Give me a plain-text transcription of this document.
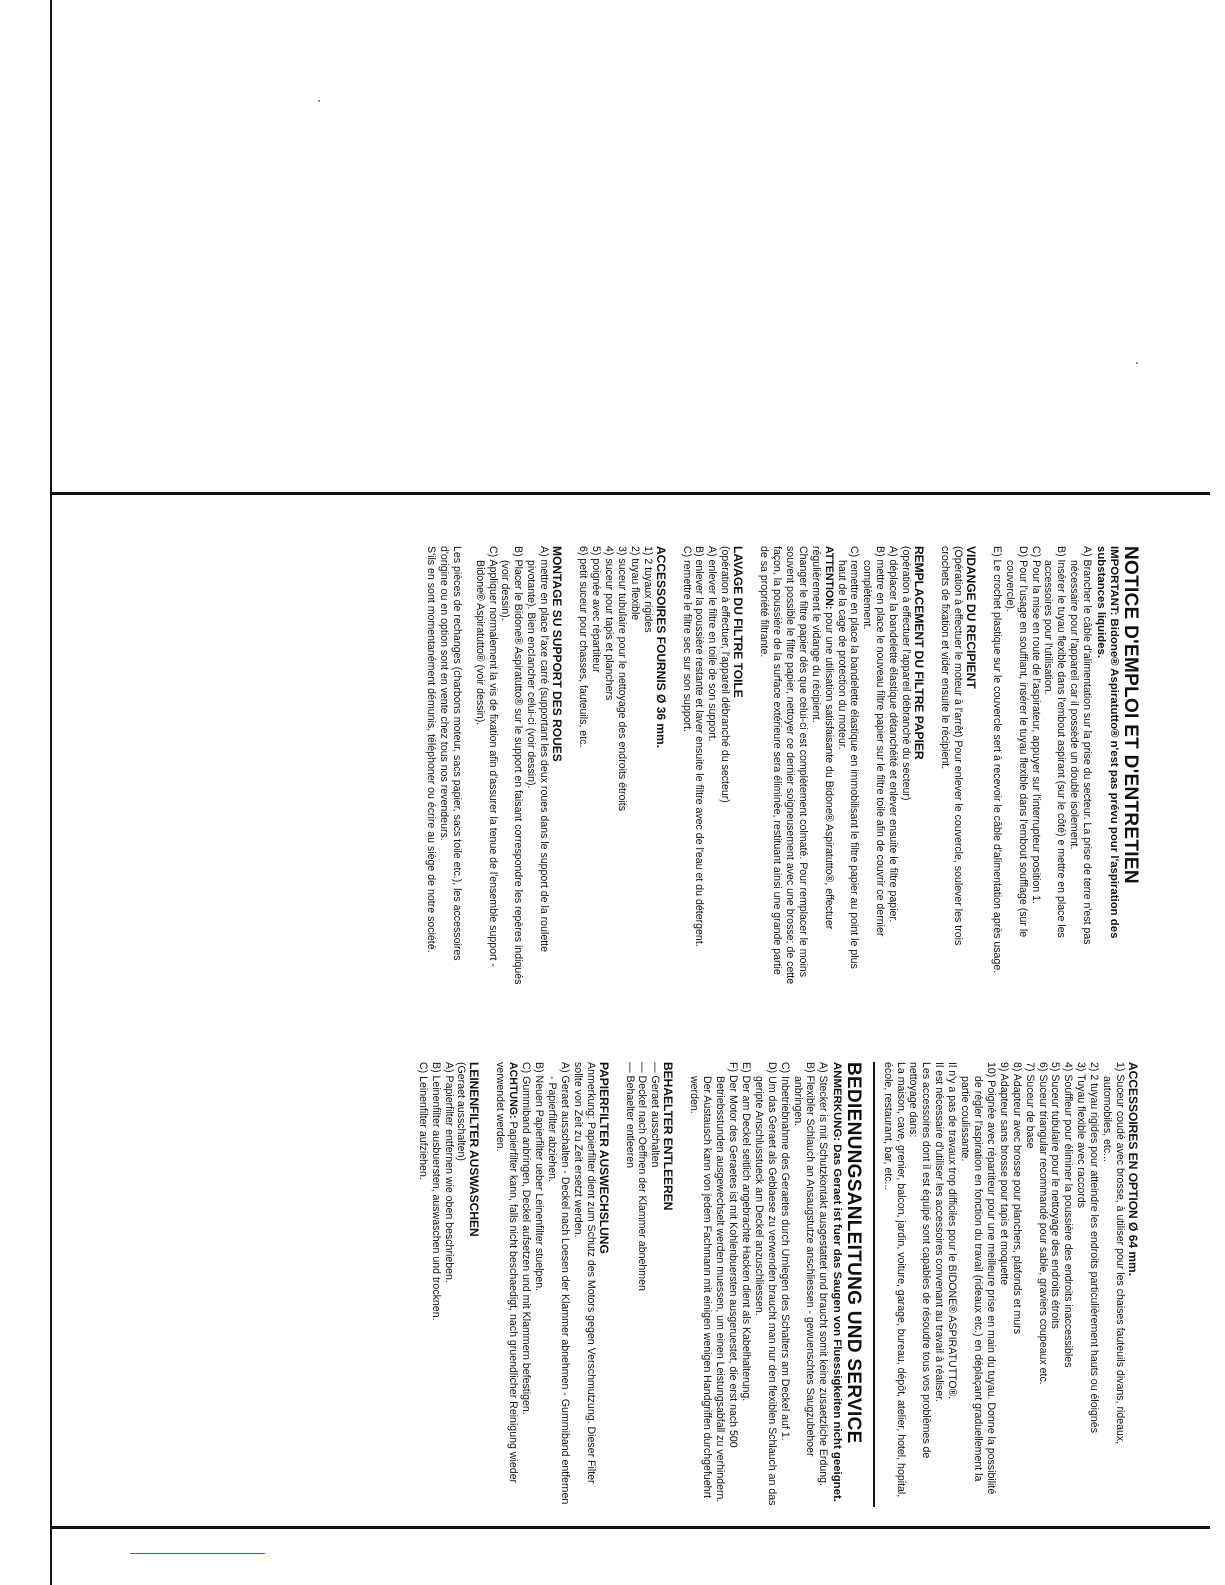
NOTICE D'EMPLOI ET D'ENTRETIEN

IMPORTANT: Bidone® Aspiratutto® n'est pas prévu pour l'aspiration des substances liquides.

A) Brancher le câble d'alimentation sur la prise du secteur. La prise de terre n'est pas nécessaire pour l'appareil car il possède un double isolement.

B) Insérer le tuyau flexible dans l'embout aspirant (sur le côté) e mettre en place les accessoires pour l'utilisation.

C) Pour la mise en route de l'aspirateur, appuyer sur l'interrupteur position 1.

D) Pour l'usage en souffiant, insérer le tuyau flexible dans l'embout soufflage (sur le couvercle).

E) Le crochet plastique sur le couvercle sert à recevoir le câble d'alimentation après usage.

VIDANGE DU RECIPIENT

(Opération à effectuer le moteur à l'arrêt) Pour enlever le couvercle, soulever les trois crochets de fixation et vider ensuite le récipient.

REMPLACEMENT DU FILTRE PAPIER

(opération à effectuer l'appareil débranché du secteur)

A) déplacer la bandelette élastique détanchéité et enlever ensuite le filtre papier.

B) mettre en place le nouveau filtre papier sur le filtre toile afin de couvrir ce dernier complètement.

C) remettre en place la bandelette élastique en immobilisant le filtre papier au point le plus haut de la cage de protection du moteur.

ATTENTION: pour une utilisation satisfaisante du Bidone® Aspiratutto®, effectuer régulièrement le vidange du récipient.

Changer le filtre papier dès que celui-ci est complètement colmaté. Pour remplacer le moins souvent possible le filtre papier, nettoyer ce dernier soigneusement avec une brosse; de cette façon, la poussière de la surface extérieure sera éliminée, restituant ainsi une grande partie de sa propriété filtrante.

LAVAGE DU FILTRE TOILE

(opération à effectuer, l'appareil débranché du secteur)

A) enlever le filtre en toile de son support.

B) enlever la poussière restante et laver ensuite le filtre avec de l'eau et du détergent.

C) remettre le filtre sec sur son support.

ACCESSOIRES FOURNIS Ø 36 mm.

1) 2 tuyaux rigides

2) tuyau flexible

3) suceur tubulaire pour le nettoyage des endroits étroits

4) suceur pour tapis et planchers

5) poignée avec répartiteur

6) petit suceur pour chasses, fauteuils, etc.

MONTAGE SU SUPPORT DES ROUES

A) mettre en place l'axe carré (supportant les deux roues dans le support de la roulette pivotante). Bien encIancher celui-ci (voir dessin).

B) Placer le Bidone® Aspiratutto® sur le support en faisant correspondre les repères indiqués (voir dessin).

C) Appliquer normalement la vis de fixation afin d'assurer la tenue de l'ensemble support - Bidone® Aspiratutto® (voir dessin).

Les pièces de rechanges (charbons moteur, sacs papier, sacs toile etc.), les accessoires d'origine ou en option sont en vente chez tous nos revendeurs.

S'ils en sont momentanément démunis, téléphoner ou écrire au siège de notre société.

ACCESSOIRES EN OPTION Ø 64 mm.

1) Suceur coudé avec brosse, à utiliser pour les chaises fauteuils divans, rideaux, automobiles, etc...

2) 2 tuyau rigides pour atteindre les endroits particulièrement hauts ou éloignés

3) Tuyau flexible avec raccords

4) Souffleur pour éliminer la poussière des endroits inaccessibles

5) Suceur tubulaire pour le nettoyage des endroits étroits

6) Suceur triangular recommandé pour sable, graviers coupeaux etc.

7) Suceur de base

8) Adapteur avec brosse pour planchers, plafonds et murs

9) Adapteur sans brosse pour tapis et moquette

10) Poignée avec répartiteur pour une meilleure prise en main du tuyau. Donne la possibilité de régler l'aspiration en fonction du travail (rideaux etc.) en déplaçant graduellement la partie coulissante.

Il n'y a pas de travaux trop difficiles pour le BIDONE® ASPIRATUTTO®.

Il est nécessaire d'utiliser les accessoires convenant au travail à réaliser.

Les accessoires dont il est équipé sont capables de résoudre tous vos problèmes de nettoyage dans:

La maison, cave, grenier, balcon, jardin, voiture, garage, bureau, dépôt, atelier, hotel, hopital, école, restaurant, bar, etc...

BEDIENUNGSANLEITUNG UND SERVICE

ANMERKUNG: Das Geraet ist fuer das Saugen von Fluessigkeiten nicht geeignet.

A) Stecker is mit Schutzkontakt ausgestattet und braucht somit keine zusaetzliche Erdung.

B) Flexibler Schlauch an Ansaugstutze anschliessen - gewuenschtes Saugzubehoer anbringen.

C) Inbetriebnahme des Geraetes durch Umlegen des Schalters am Deckel auf 1.

D) Um das Geraet als Geblaese zu verwenden braucht man nur den flexiblen Schlauch an das geripte Anschlusstueck am Deckel anzuschliessen.

E) Der am Deckel seitlich angebrachte Hacken dient als Kabelhalterung.

F) Der Motor des Geraetes ist mit Kohlenbuersten ausgeruestet, die erst nach 500 Betriebsstunden ausgewechselt werden muessen, um einen Leistungsabfall zu verhindern. Der Austausch kann von jedem Fachmann mit einigen wenigen Handgriffen durchgefuehrt werden.

BEHAELTER ENTLEEREN

— Geraet ausschalten

— Deckel nach Oeffnen der Klammer abnehmen

— Behaelter entleeren

PAPIERFILTER AUSWECHSLUNG

Anmerkung: Papierfilter dient zum Schutz des Motors gegen Verschmutzung. Dieser Filter sollte von Zeit zu Zeit ersetzt werden.

A) Geraet ausschalten - Deckel nach Loesen der Klammer abnehmen - Gummiband entfernen - Papierfilter abziehen.

B) Neuen Papierfilter ueber Leinenfilter stuelpen.

C) Gummiband anbringen, Deckel aufsetzen und mit Klammern befestigen.

ACHTUNG: Papierfilter kann, falls nicht beschaedigt, nach gruendlicher Reinigung wieder verwendet werden.

LEINENFILTER AUSWASCHEN

(Geraet ausschalten)

A) Papierfilter entfernen wie oben beschrieben.

B) Leinenfilter ausbuersten, auswaschen und trocknen.

C) Leinenfilter aufziehen.
